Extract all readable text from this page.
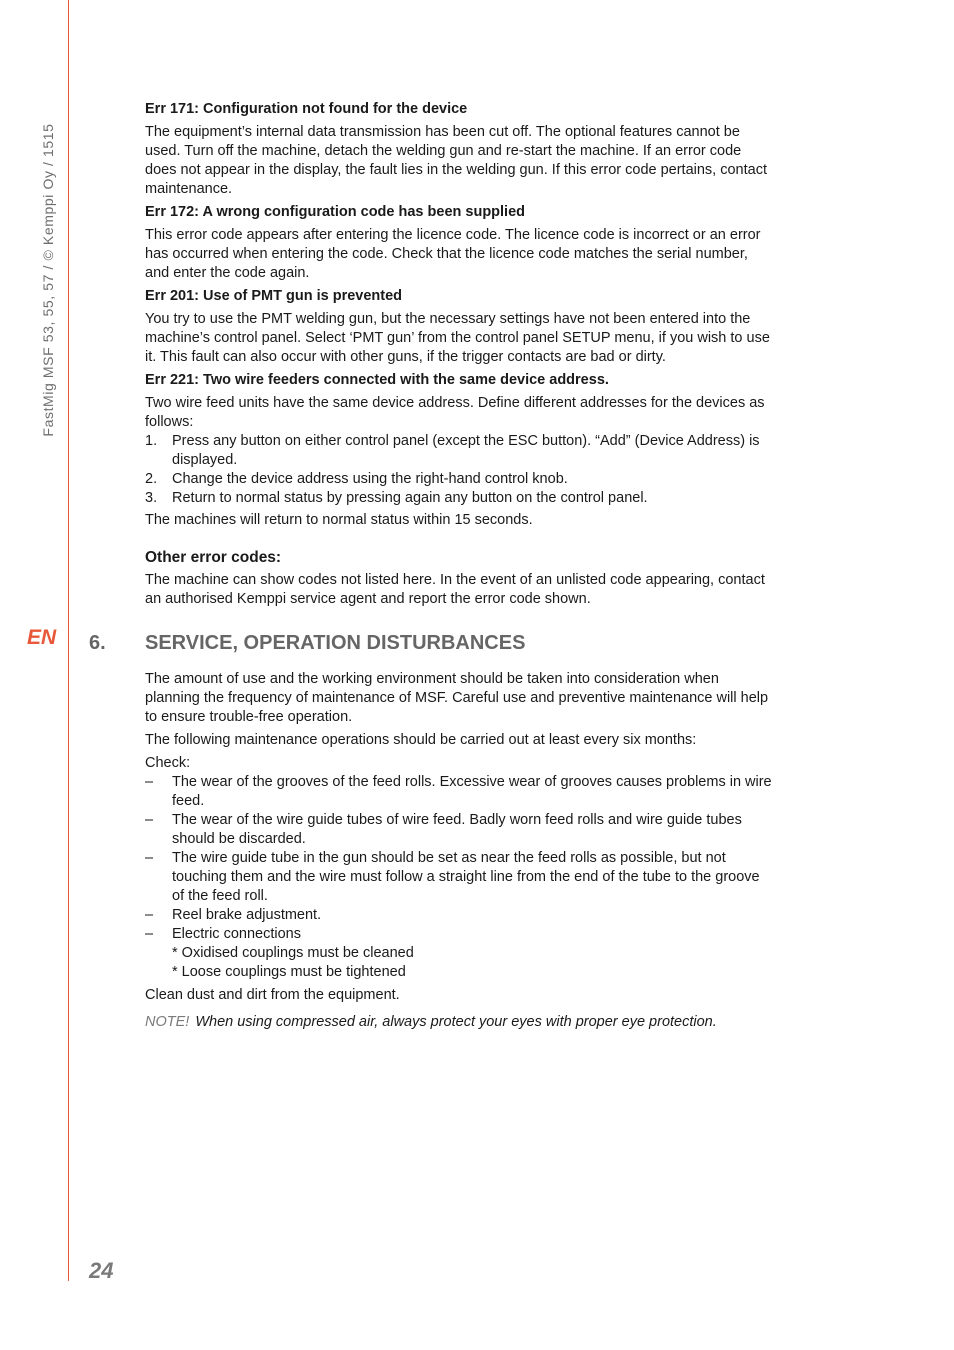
FastMig MSF 53, 55, 57 / © Kemppi Oy / 1515
EN
24
Err 171: Configuration not found for the device

The equipment’s internal data transmission has been cut off. The optional features cannot be used. Turn off the machine, detach the welding gun and re-start the machine. If an error code does not appear in the display, the fault lies in the welding gun. If this error code pertains, contact maintenance.

Err 172: A wrong configuration code has been supplied

This error code appears after entering the licence code. The licence code is incorrect or an error has occurred when entering the code. Check that the licence code matches the serial number, and enter the code again.

Err 201: Use of PMT gun is prevented

You try to use the PMT welding gun, but the necessary settings have not been entered into the machine’s control panel. Select ‘PMT gun’ from the control panel SETUP menu, if you wish to use it. This fault can also occur with other guns, if the trigger contacts are bad or dirty.

Err 221: Two wire feeders connected with the same device address.

Two wire feed units have the same device address. Define different addresses for the devices as follows:

1. Press any button on either control panel (except the ESC button). “Add” (Device Address) is displayed.
2. Change the device address using the right-hand control knob.
3. Return to normal status by pressing again any button on the control panel.

The machines will return to normal status within 15 seconds.

Other error codes:

The machine can show codes not listed here. In the event of an unlisted code appearing, contact an authorised Kemppi service agent and report the error code shown.

6. SERVICE, OPERATION DISTURBANCES

The amount of use and the working environment should be taken into consideration when planning the frequency of maintenance of MSF. Careful use and preventive maintenance will help to ensure trouble-free operation.

The following maintenance operations should be carried out at least every six months:

Check:

– The wear of the grooves of the feed rolls. Excessive wear of grooves causes problems in wire feed.
– The wear of the wire guide tubes of wire feed. Badly worn feed rolls and wire guide tubes should be discarded.
– The wire guide tube in the gun should be set as near the feed rolls as possible, but not touching them and the wire must follow a straight line from the end of the tube to the groove of the feed roll.
– Reel brake adjustment.
– Electric connections
* Oxidised couplings must be cleaned
* Loose couplings must be tightened

Clean dust and dirt from the equipment.

NOTE! When using compressed air, always protect your eyes with proper eye protection.
